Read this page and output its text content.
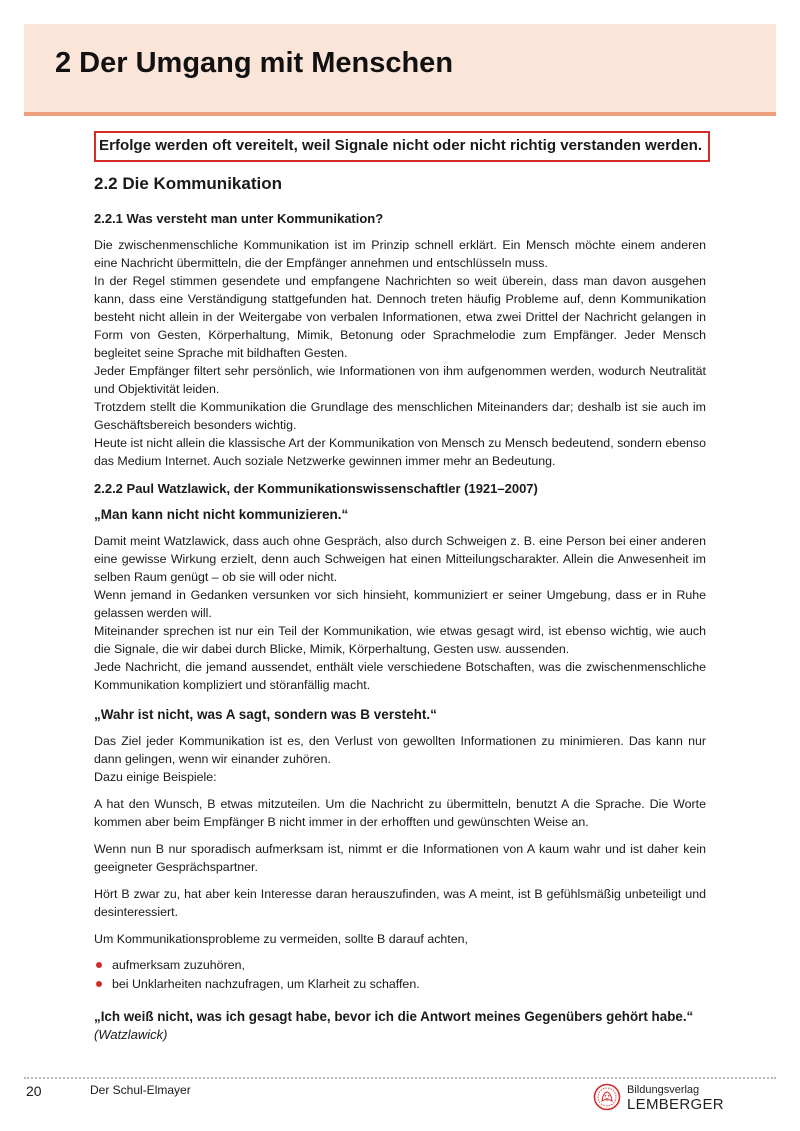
2 Der Umgang mit Menschen
Erfolge werden oft vereitelt, weil Signale nicht oder nicht richtig verstanden werden.
2.2 Die Kommunikation
2.2.1 Was versteht man unter Kommunikation?

Die zwischenmenschliche Kommunikation ist im Prinzip schnell erklärt. Ein Mensch möchte einem anderen eine Nachricht übermitteln, die der Empfänger annehmen und entschlüsseln muss.

In der Regel stimmen gesendete und empfangene Nachrichten so weit überein, dass man davon ausgehen kann, dass eine Verständigung stattgefunden hat. Dennoch treten häufig Probleme auf, denn Kommunikation besteht nicht allein in der Weitergabe von verbalen Informationen, etwa zwei Drittel der Nachricht gelangen in Form von Gesten, Körperhaltung, Mimik, Betonung oder Sprachmelodie zum Empfänger. Jeder Mensch begleitet seine Sprache mit bildhaften Gesten.

Jeder Empfänger filtert sehr persönlich, wie Informationen von ihm aufgenommen werden, wodurch Neutralität und Objektivität leiden.

Trotzdem stellt die Kommunikation die Grundlage des menschlichen Miteinanders dar; deshalb ist sie auch im Geschäftsbereich besonders wichtig.

Heute ist nicht allein die klassische Art der Kommunikation von Mensch zu Mensch bedeutend, sondern ebenso das Medium Internet. Auch soziale Netzwerke gewinnen immer mehr an Bedeutung.

2.2.2 Paul Watzlawick, der Kommunikationswissenschaftler (1921–2007)
„Man kann nicht nicht kommunizieren.“

Damit meint Watzlawick, dass auch ohne Gespräch, also durch Schweigen z. B. eine Person bei einer anderen eine gewisse Wirkung erzielt, denn auch Schweigen hat einen Mitteilungscharakter. Allein die Anwesenheit im selben Raum genügt – ob sie will oder nicht.

Wenn jemand in Gedanken versunken vor sich hinsieht, kommuniziert er seiner Umgebung, dass er in Ruhe gelassen werden will.

Miteinander sprechen ist nur ein Teil der Kommunikation, wie etwas gesagt wird, ist ebenso wichtig, wie auch die Signale, die wir dabei durch Blicke, Mimik, Körperhaltung, Gesten usw. aussenden.

Jede Nachricht, die jemand aussendet, enthält viele verschiedene Botschaften, was die zwischenmenschliche Kommunikation kompliziert und störanfällig macht.

„Wahr ist nicht, was A sagt, sondern was B versteht.“

Das Ziel jeder Kommunikation ist es, den Verlust von gewollten Informationen zu minimieren. Das kann nur dann gelingen, wenn wir einander zuhören.

Dazu einige Beispiele:

A hat den Wunsch, B etwas mitzuteilen. Um die Nachricht zu übermitteln, benutzt A die Sprache. Die Worte kommen aber beim Empfänger B nicht immer in der erhofften und gewünschten Weise an.

Wenn nun B nur sporadisch aufmerksam ist, nimmt er die Informationen von A kaum wahr und ist daher kein geeigneter Gesprächspartner.

Hört B zwar zu, hat aber kein Interesse daran herauszufinden, was A meint, ist B gefühlsmäßig unbeteiligt und desinteressiert.

Um Kommunikationsprobleme zu vermeiden, sollte B darauf achten,

aufmerksam zuzuhören,
bei Unklarheiten nachzufragen, um Klarheit zu schaffen.
„Ich weiß nicht, was ich gesagt habe, bevor ich die Antwort meines Gegenübers gehört habe.“
(Watzlawick)
20	Der Schul-Elmayer	Bildungsverlag
LEMBERGER
